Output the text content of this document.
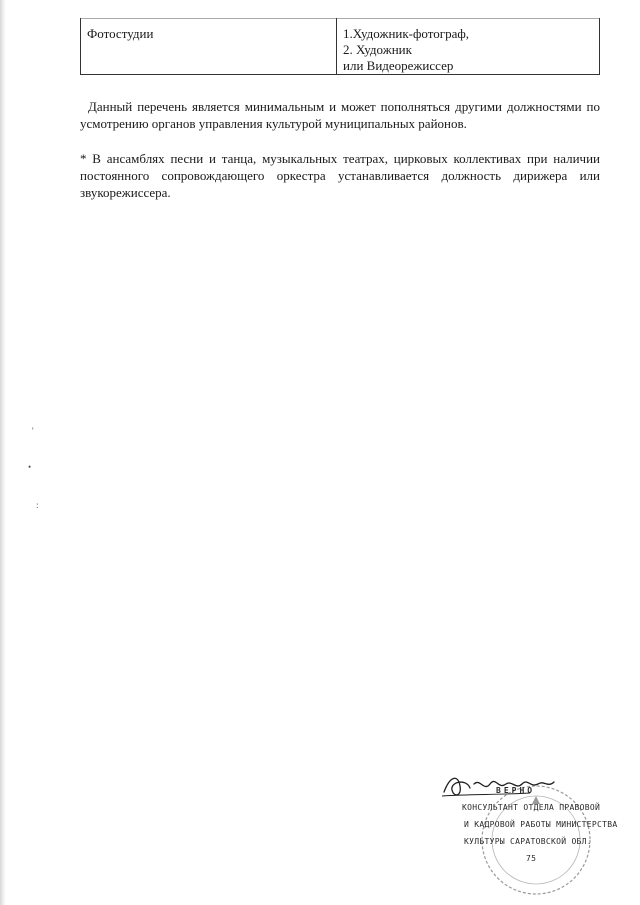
Фотостудии	1.Художник-фотограф,
2. Художник
или Видеорежиссер

Данный перечень является минимальным и может пополняться другими должностями по усмотрению органов управления культурой муниципальных районов.

* В ансамблях песни и танца, музыкальных театрах, цирковых коллективах при наличии постоянного сопровождающего оркестра устанавливается должность дирижера или звукорежиссера.

'
•
:
ВЕРНО
КОНСУЛЬТАНТ ОТДЕЛА ПРАВОВОЙ
И КАДРОВОЙ РАБОТЫ МИНИСТЕРСТВА
КУЛЬТУРЫ САРАТОВСКОЙ ОБЛ.
75
